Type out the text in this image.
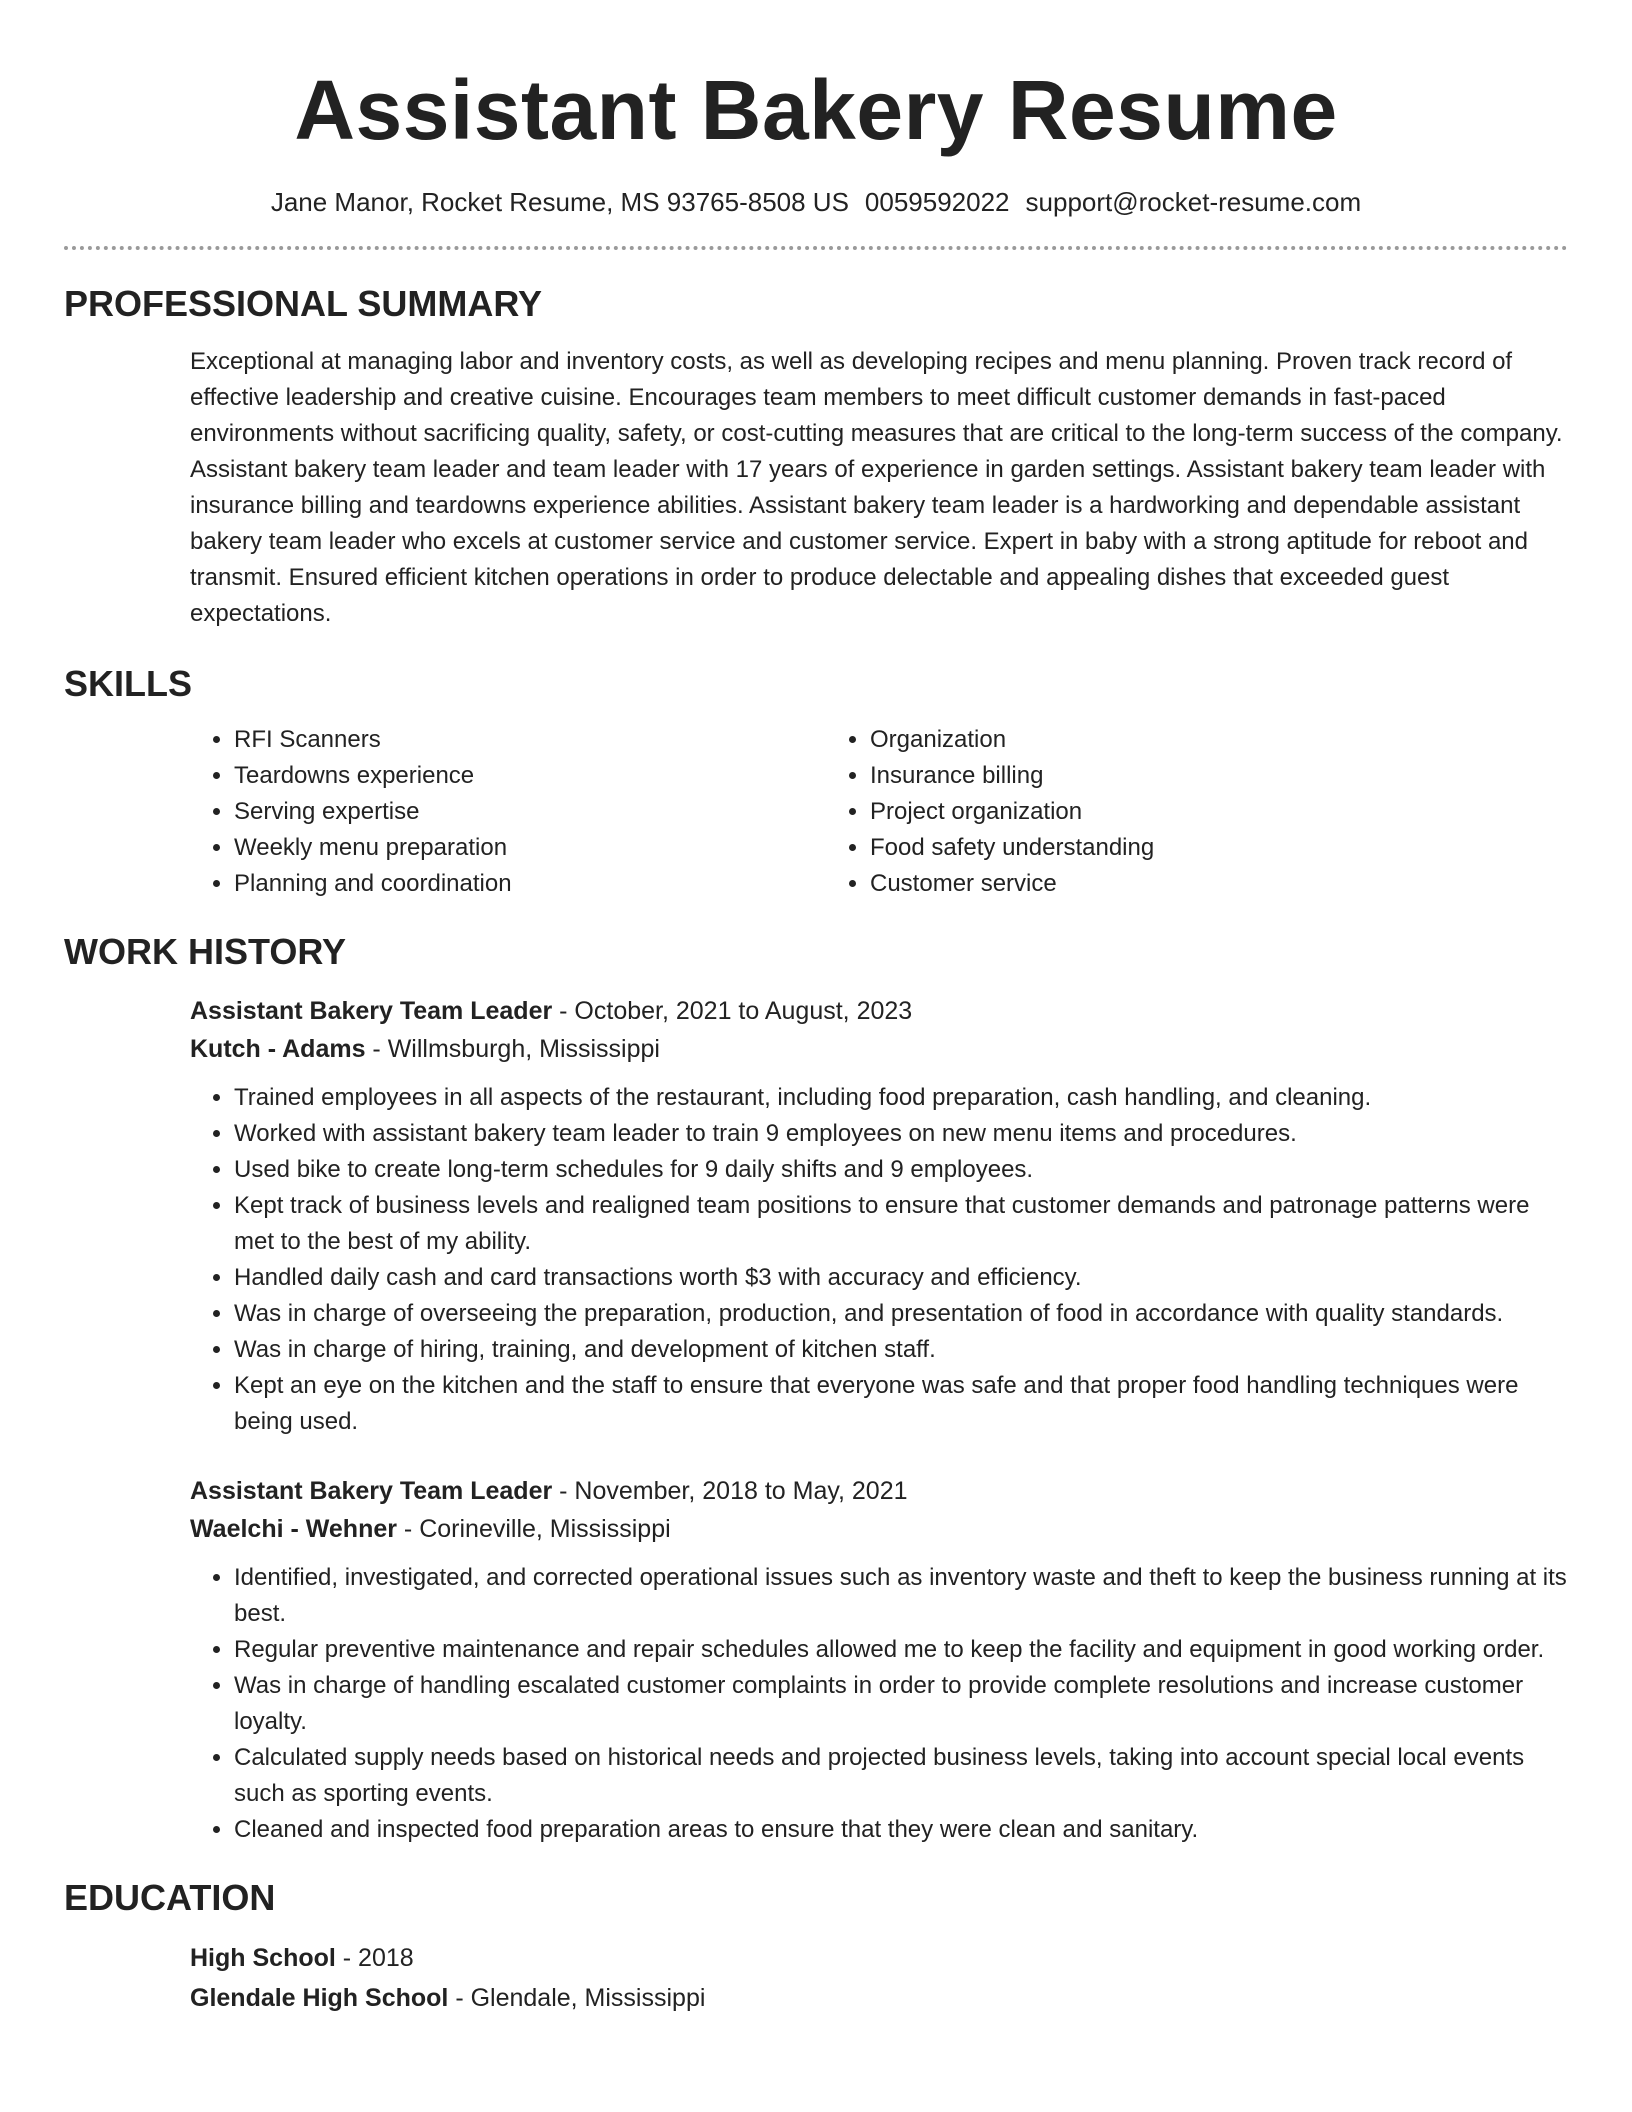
Assistant Bakery Resume
Jane Manor, Rocket Resume, MS 93765-8508 US 0059592022 support@rocket-resume.com
PROFESSIONAL SUMMARY

Exceptional at managing labor and inventory costs, as well as developing recipes and menu planning. Proven track record of effective leadership and creative cuisine. Encourages team members to meet difficult customer demands in fast-paced environments without sacrificing quality, safety, or cost-cutting measures that are critical to the long-term success of the company. Assistant bakery team leader and team leader with 17 years of experience in garden settings. Assistant bakery team leader with insurance billing and teardowns experience abilities. Assistant bakery team leader is a hardworking and dependable assistant bakery team leader who excels at customer service and customer service. Expert in baby with a strong aptitude for reboot and transmit. Ensured efficient kitchen operations in order to produce delectable and appealing dishes that exceeded guest expectations.

SKILLS
• RFI Scanners
• Teardowns experience
• Serving expertise
• Weekly menu preparation
• Planning and coordination
• Organization
• Insurance billing
• Project organization
• Food safety understanding
• Customer service
WORK HISTORY

Assistant Bakery Team Leader - October, 2021 to August, 2023

Kutch - Adams - Willmsburgh, Mississippi

• Trained employees in all aspects of the restaurant, including food preparation, cash handling, and cleaning.
• Worked with assistant bakery team leader to train 9 employees on new menu items and procedures.
• Used bike to create long-term schedules for 9 daily shifts and 9 employees.
• Kept track of business levels and realigned team positions to ensure that customer demands and patronage patterns were met to the best of my ability.
• Handled daily cash and card transactions worth $3 with accuracy and efficiency.
• Was in charge of overseeing the preparation, production, and presentation of food in accordance with quality standards.
• Was in charge of hiring, training, and development of kitchen staff.
• Kept an eye on the kitchen and the staff to ensure that everyone was safe and that proper food handling techniques were being used.

Assistant Bakery Team Leader - November, 2018 to May, 2021

Waelchi - Wehner - Corineville, Mississippi

• Identified, investigated, and corrected operational issues such as inventory waste and theft to keep the business running at its best.
• Regular preventive maintenance and repair schedules allowed me to keep the facility and equipment in good working order.
• Was in charge of handling escalated customer complaints in order to provide complete resolutions and increase customer loyalty.
• Calculated supply needs based on historical needs and projected business levels, taking into account special local events such as sporting events.
• Cleaned and inspected food preparation areas to ensure that they were clean and sanitary.
EDUCATION

High School - 2018

Glendale High School - Glendale, Mississippi
